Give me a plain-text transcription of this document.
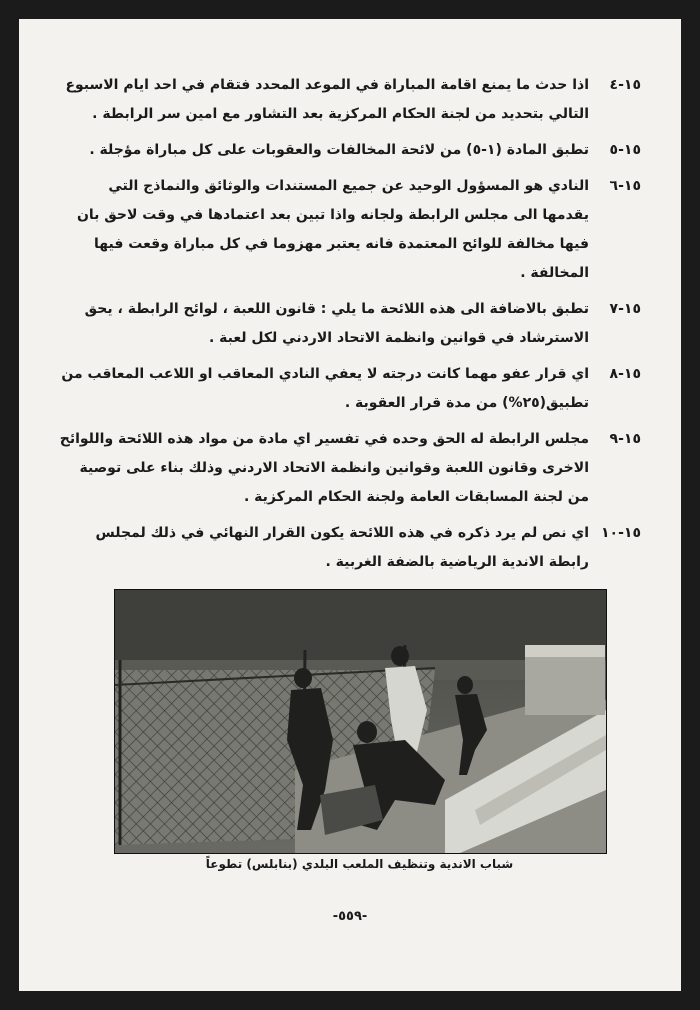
١٥-٤
اذا حدث ما يمنع اقامة المباراة في الموعد المحدد فتقام في احد ايام الاسبوع التالي بتحديد من لجنة الحكام المركزية بعد التشاور مع امين سر الرابطة .
١٥-٥
تطبق المادة (١-٥) من لائحة المخالفات والعقوبات على كل مباراة مؤجلة .
١٥-٦
النادي هو المسؤول الوحيد عن جميع المستندات والوثائق والنماذج التي يقدمها الى مجلس الرابطة ولجانه واذا تبين بعد اعتمادها في وقت لاحق بان فيها مخالفة للوائح المعتمدة فانه يعتبر مهزوما في كل مباراة وقعت فيها المخالفة .
١٥-٧
تطبق بالاضافة الى هذه اللائحة ما يلي : قانون اللعبة ، لوائح الرابطة ، يحق الاسترشاد في قوانين وانظمة الاتحاد الاردني لكل لعبة .
١٥-٨
اي قرار عفو مهما كانت درجته لا يعفي النادي المعاقب او اللاعب المعاقب من تطبيق(٢٥%) من مدة قرار العقوبة .
١٥-٩
مجلس الرابطة له الحق وحده في تفسير اي مادة من مواد هذه اللائحة واللوائح الاخرى وقانون اللعبة وقوانين وانظمة الاتحاد الاردني وذلك بناء على توصية من لجنة المسابقات العامة ولجنة الحكام المركزية .
١٥-١٠
اي نص لم يرد ذكره في هذه اللائحة يكون القرار النهائي في ذلك لمجلس رابطة الاندية الرياضية بالضفة الغربية .
شباب الاندية وتنظيف الملعب البلدي (بنابلس) تطوعاً
-٥٥٩-
